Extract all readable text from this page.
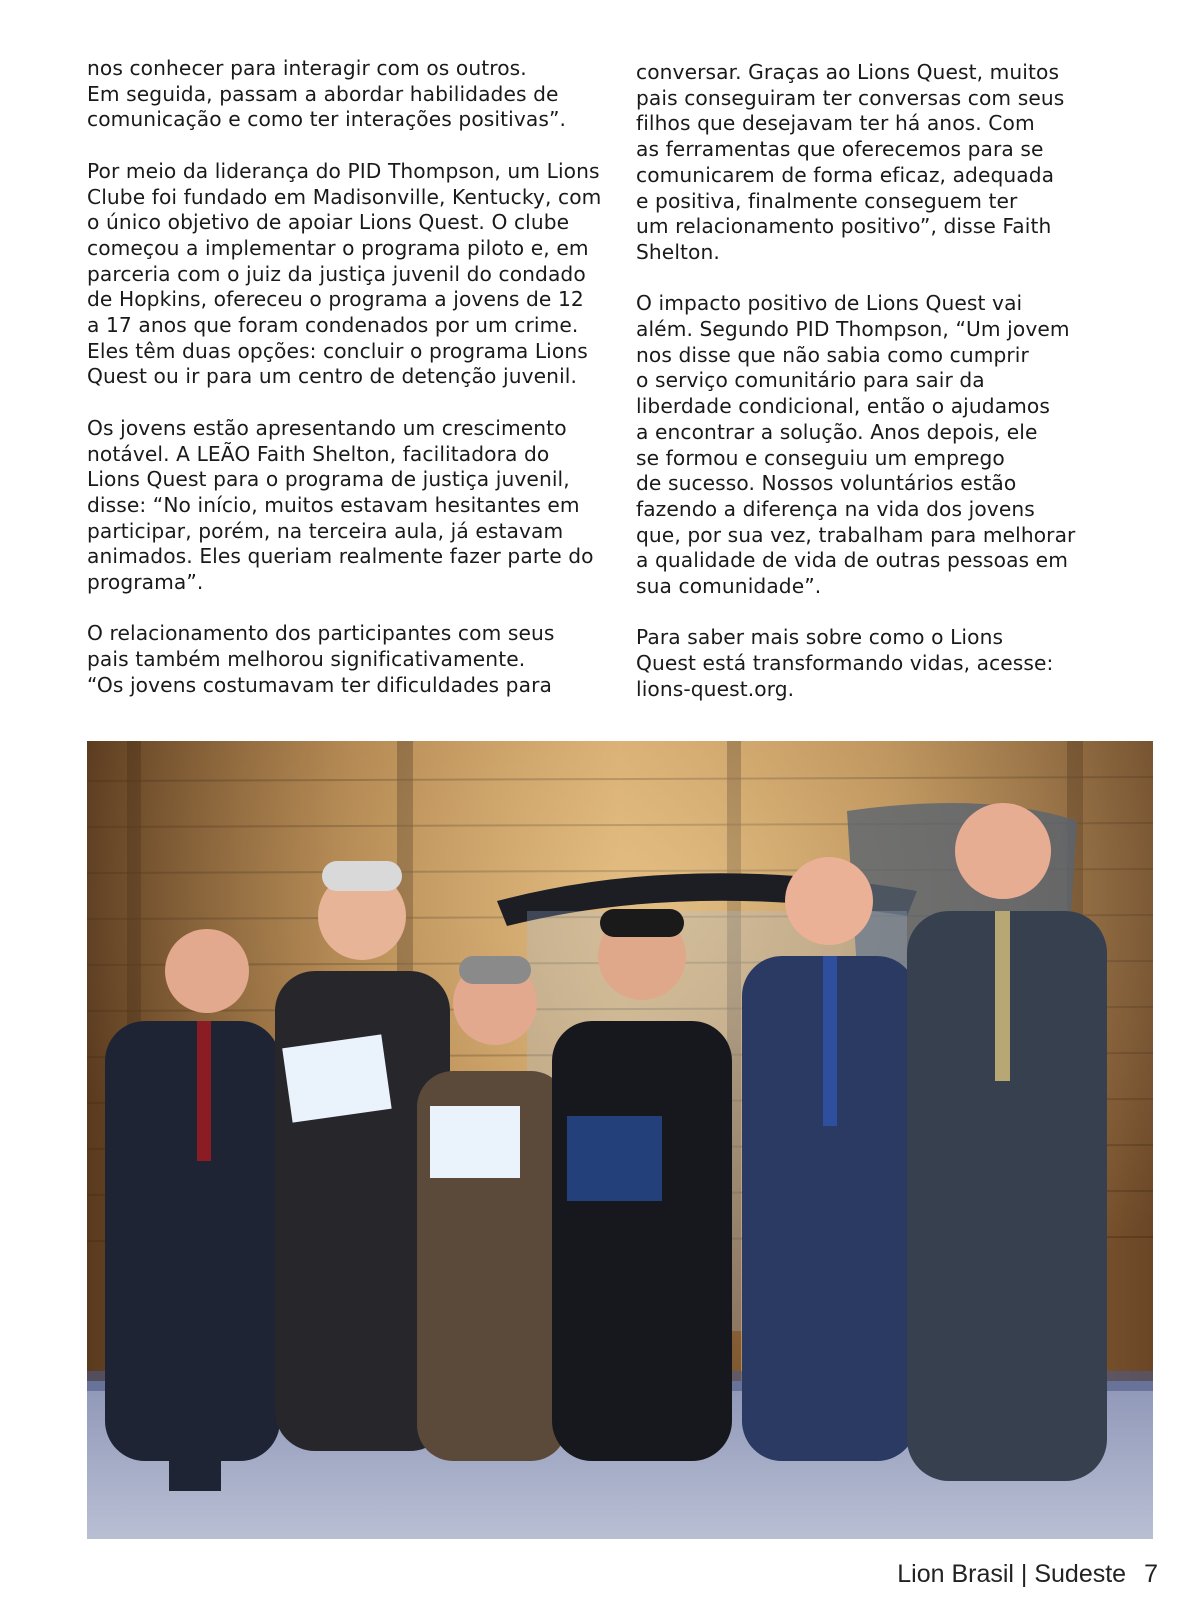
nos conhecer para interagir com os outros.
Em seguida, passam a abordar habilidades de
comunicação e como ter interações positivas”.

Por meio da liderança do PID Thompson, um Lions
Clube foi fundado em Madisonville, Kentucky, com
o único objetivo de apoiar Lions Quest. O clube
começou a implementar o programa piloto e, em
parceria com o juiz da justiça juvenil do condado
de Hopkins, ofereceu o programa a jovens de 12
a 17 anos que foram condenados por um crime.
Eles têm duas opções: concluir o programa Lions
Quest ou ir para um centro de detenção juvenil.

Os jovens estão apresentando um crescimento
notável. A LEÃO Faith Shelton, facilitadora do
Lions Quest para o programa de justiça juvenil,
disse: “No início, muitos estavam hesitantes em
participar, porém, na terceira aula, já estavam
animados. Eles queriam realmente fazer parte do
programa”.

O relacionamento dos participantes com seus
pais também melhorou significativamente.
“Os jovens costumavam ter dificuldades para

conversar. Graças ao Lions Quest, muitos
pais conseguiram ter conversas com seus
filhos que desejavam ter há anos. Com
as ferramentas que oferecemos para se
comunicarem de forma eficaz, adequada
e positiva, finalmente conseguem ter
um relacionamento positivo”, disse Faith
Shelton.

O impacto positivo de Lions Quest vai
além. Segundo PID Thompson, “Um jovem
nos disse que não sabia como cumprir
o serviço comunitário para sair da
liberdade condicional, então o ajudamos
a encontrar a solução. Anos depois, ele
se formou e conseguiu um emprego
de sucesso. Nossos voluntários estão
fazendo a diferença na vida dos jovens
que, por sua vez, trabalham para melhorar
a qualidade de vida de outras pessoas em
sua comunidade”.

Para saber mais sobre como o Lions
Quest está transformando vidas, acesse:
lions-quest.org.

Lion Brasil | Sudeste 7
